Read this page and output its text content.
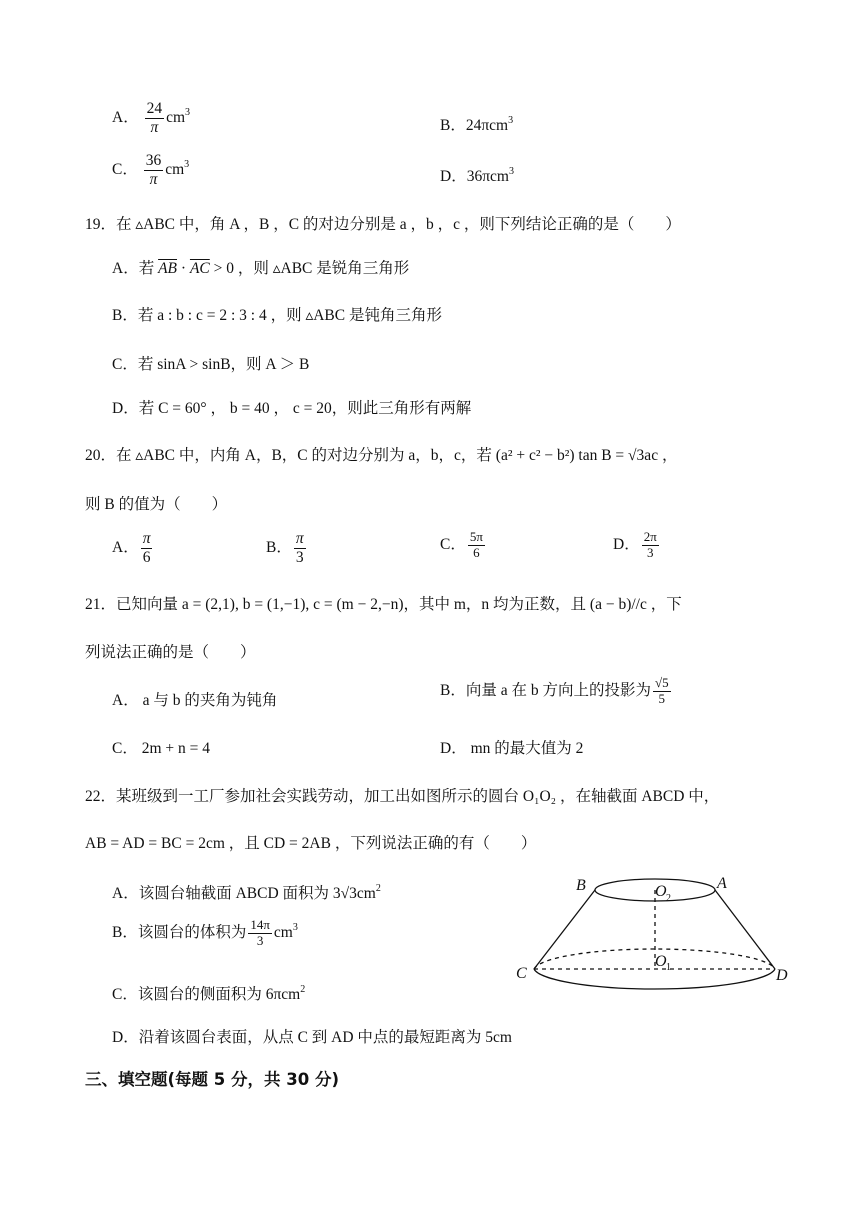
A． $\frac{24}{\pi} cm^3$
B．24πcm$^3$
C． $\frac{36}{\pi} cm^3$
D．36πcm$^3$
19．在 ▵ABC 中，角 A ，B ，C 的对边分别是 a ，b ，c ，则下列结论正确的是（　　）
A．若 $\overline{AB} \cdot \overline{AC} > 0$ ，则 ▵ABC 是锐角三角形
B．若 a : b : c = 2 : 3 : 4 ，则 ▵ABC 是钝角三角形
C．若 sinA > sinB，则 A ＞ B
D．若 C = 60° ， b = 40 ， c = 20，则此三角形有两解
20．在 ▵ABC 中，内角 A，B，C 的对边分别为 a，b，c，若 (a² + c² − b²) tan B = √3ac ，
则 B 的值为（　　）
A． $\frac{\pi}{6}$	B． $\frac{\pi}{3}$	C． $\frac{5\pi}{6}$	D． $\frac{2\pi}{3}$
21．已知向量 a = (2,1), b = (1,−1), c = (m − 2,−n)，其中 m，n 均为正数，且 (a − b)//c ，下
列说法正确的是（　　）
A． a 与 b 的夹角为钝角
B．向量 a 在 b 方向上的投影为 $\frac{√5}{5}$
C． 2m + n = 4	D． mn 的最大值为 2
22．某班级到一工厂参加社会实践劳动，加工出如图所示的圆台 O₁O₂ ，在轴截面 ABCD 中，
AB = AD = BC = 2cm ，且 CD = 2AB ，下列说法正确的有（　　）
A．该圆台轴截面 ABCD 面积为 $3√3cm^2$
B．该圆台的体积为 $\frac{14\pi}{3} cm^3$
C．该圆台的侧面积为 6πcm$^2$
D．沿着该圆台表面，从点 C 到 AD 中点的最短距离为 5cm
B	A
O 2
O 1
C	D
三、填空题(每题 5 分，共 30 分)
